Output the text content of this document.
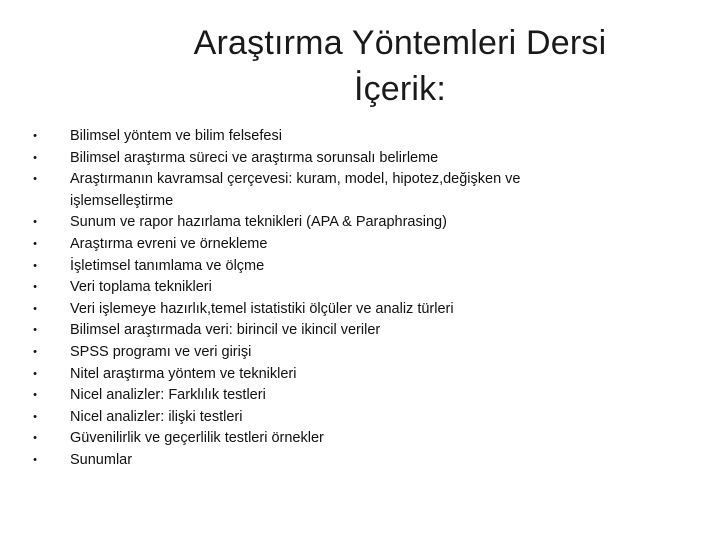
Araştırma Yöntemleri Dersi
İçerik:
• Bilimsel yöntem ve bilim felsefesi
• Bilimsel araştırma süreci ve araştırma sorunsalı belirleme
• Araştırmanın kavramsal çerçevesi: kuram, model, hipotez,değişken ve işlemselleştirme
• Sunum ve rapor hazırlama teknikleri (APA & Paraphrasing)
• Araştırma evreni ve örnekleme
• İşletimsel tanımlama ve ölçme
• Veri toplama teknikleri
• Veri işlemeye hazırlık,temel istatistiki ölçüler ve analiz türleri
• Bilimsel araştırmada veri: birincil ve ikincil veriler
• SPSS programı ve veri girişi
• Nitel araştırma yöntem ve teknikleri
• Nicel analizler: Farklılık testleri
• Nicel analizler: ilişki testleri
• Güvenilirlik ve geçerlilik testleri örnekler
• Sunumlar
